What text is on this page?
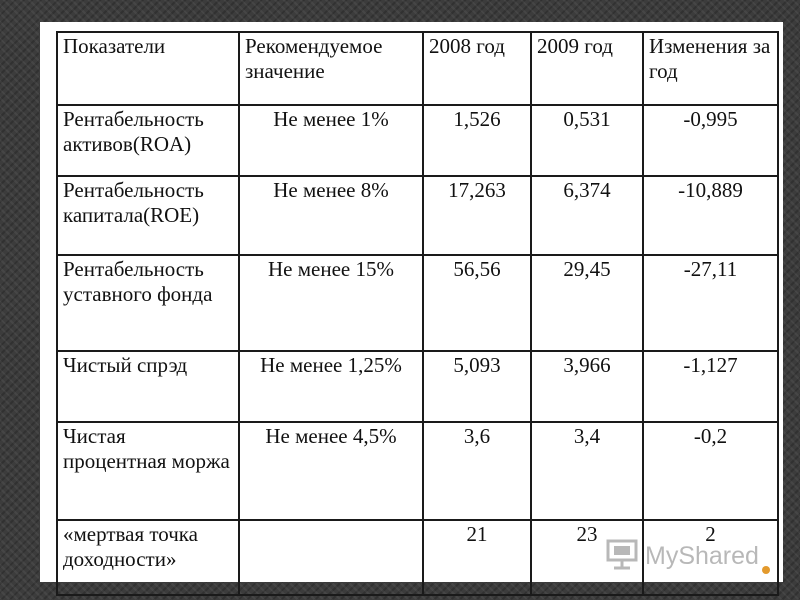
Показатели	Рекомендуемое значение	2008 год	2009 год	Изменения за год
Рентабельность активов(ROA)	Не менее 1%	1,526	0,531	-0,995
Рентабельность капитала(ROE)	Не менее 8%	17,263	6,374	-10,889
Рентабельность уставного фонда	Не менее 15%	56,56	29,45	-27,11
Чистый спрэд	Не менее 1,25%	5,093	3,966	-1,127
Чистая процентная моржа	Не менее 4,5%	3,6	3,4	-0,2
«мертвая точка доходности»		21	23	2
MyShared
